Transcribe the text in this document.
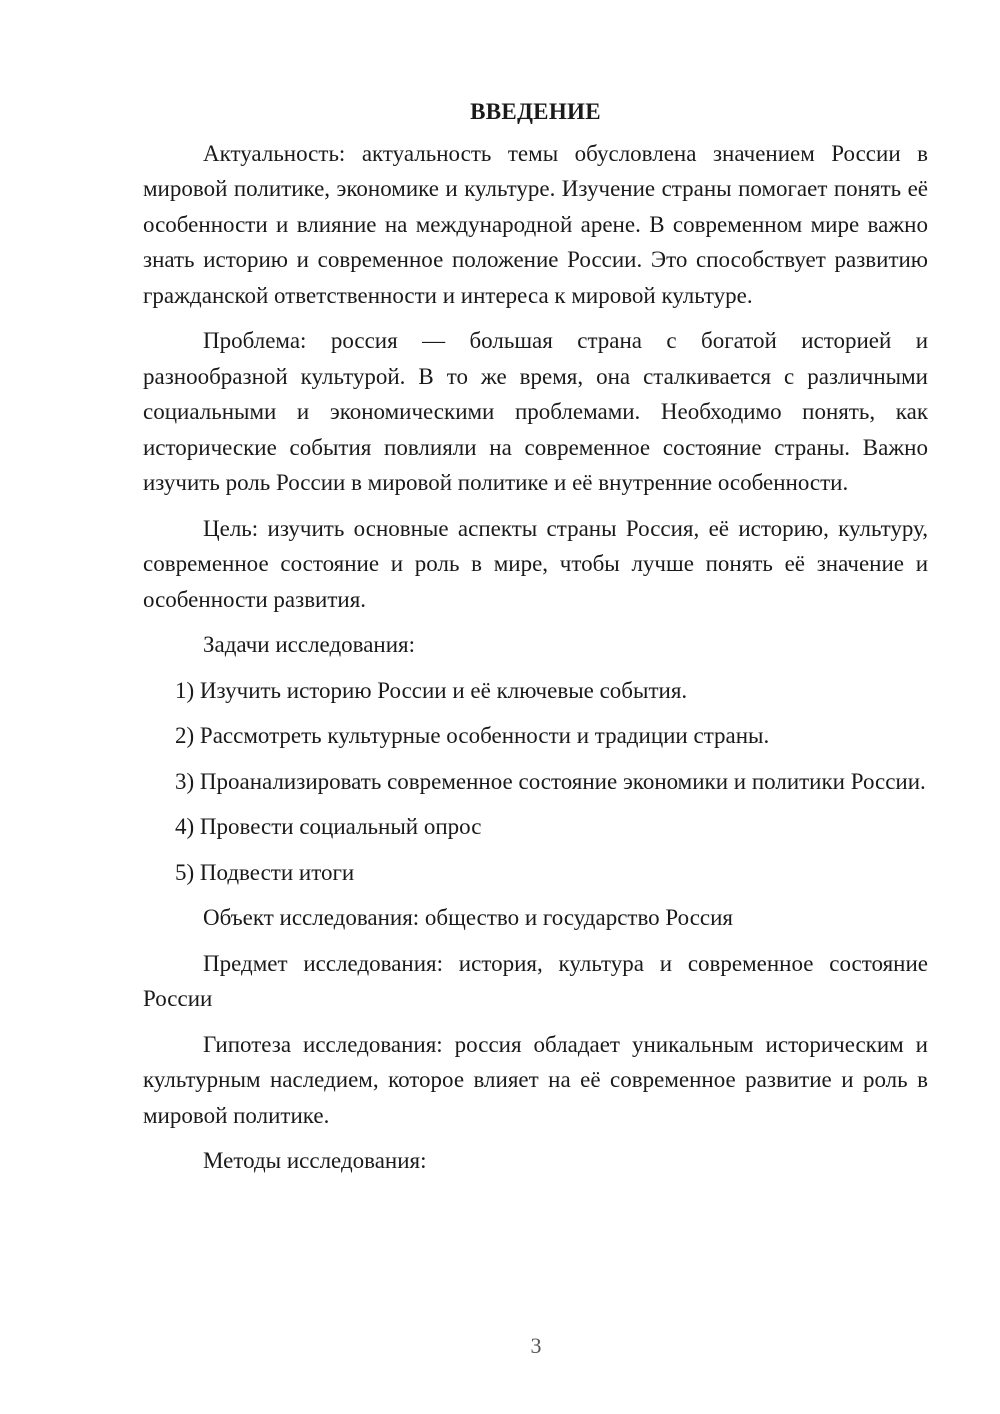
ВВЕДЕНИЕ

Актуальность: актуальность темы обусловлена значением России в мировой политике, экономике и культуре. Изучение страны помогает понять её особенности и влияние на международной арене. В современном мире важно знать историю и современное положение России. Это способствует развитию гражданской ответственности и интереса к мировой культуре.

Проблема: россия — большая страна с богатой историей и разнообразной культурой. В то же время, она сталкивается с различными социальными и экономическими проблемами. Необходимо понять, как исторические события повлияли на современное состояние страны. Важно изучить роль России в мировой политике и её внутренние особенности.

Цель: изучить основные аспекты страны Россия, её историю, культуру, современное состояние и роль в мире, чтобы лучше понять её значение и особенности развития.

Задачи исследования:

1) Изучить историю России и её ключевые события.

2) Рассмотреть культурные особенности и традиции страны.

3) Проанализировать современное состояние экономики и политики России.

4) Провести социальный опрос

5) Подвести итоги

Объект исследования: общество и государство Россия

Предмет исследования: история, культура и современное состояние России

Гипотеза исследования: россия обладает уникальным историческим и культурным наследием, которое влияет на её современное развитие и роль в мировой политике.

Методы исследования:

3
